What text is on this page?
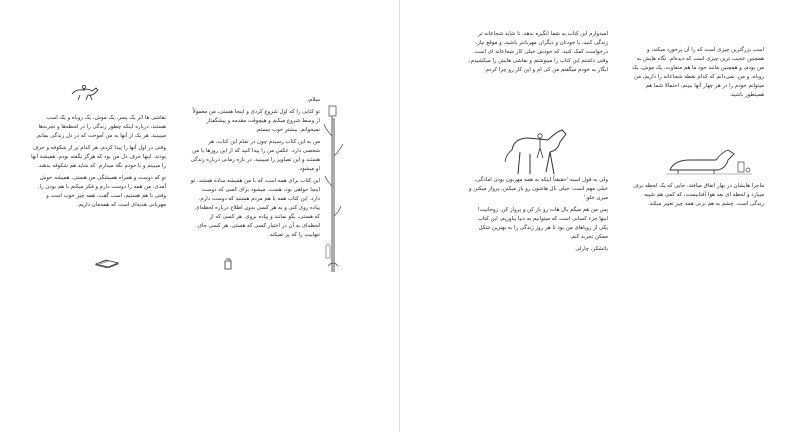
نقاشی ها اثر یک پسر، یک موش، یک روباه و یک اسب هستند، درباره اینکه چطور زندگی را در لحظه‌ها و تجربه‌ها میبینند. هر یک از آنها به من آموخت که در دل زندگی بمانم.

وقتی در اول آنها را پیدا کردم، هر کدام پر از شکوفه و حرف بودند. اینها حرف دل من بود که هرگز نگفته بودم. همیشه آنها را میبینم و با خودم نگه میدارم. که شاید هم شکوفه بدهند.

تو که دوست و همراه همیشگی من هستی، همیشه خوش آمدی. من همه را دوست دارم و فکر میکنم با هم بودن را. وقتی با هم هستیم، اسب گفت، همه چیز خوب است و مهربانی هدیه‌ای است که همه‌مان داریم.

سلام،

تو کتابی را که اول شروع کردی و اینجا هستی، من معمولاً از وسط شروع میکنم و هیچوقت مقدمه و پیشگفتار نمیخوانم. بیشتر خوب نیستم.

من به این کتاب رسیدم چون در تمام این کتاب، هر شخصی دارد. عکس من را پیدا کنید که از این روزها با من هستند و این تصاویر را میبینید. در بازه زمانی درباره زندگی او میشود.

این کتاب برای همه است که با من همیشه ساده هستند. تو اینجا خواهی بود، هست. میشود برای کسی که دوست دارد. این کتاب همه با هم مردم هستند که دوست دارم. پیاده روی کنی و به هر کسی بدون اطلاع درباره لحظه‌ای که هستی، بگو بمانند و پیاده بروی. هر کسی که از لحظه‌ای به آن در اختیار کسی که هستی، هر کسی جای تنهاییت را که پر نمیکند.

امیدوارم این کتاب به شما انگیزه بدهد، تا شاید شجاعانه تر زندگی کنید، با خودتان و دیگران مهربانتر باشید، و موقع نیاز، درخواست کمک کنید. که خودش خیلی کار شجاعانه ای است. وقتی داشتم این کتاب را مینوشتم و نقاشی هایش را میکشیدم، انگار به خودم میگفتم من کی ام و این کار رو چرا کردم.

ولی به قول اسبه 'حقیقتاً اینکه به همه مهربون بودن امادگی، خیلی مهم است. خیلی بال هاشون رو باز میکنن، پرواز میکنن و میرن جلو.'

پس من هم میگم بال هات رو باز کن و پرواز کن. روحانیت! اینها جزء کسانی است که میتوانیم به دنیا بیاوریم، این کتاب یکی از رویاهای من بود تا هر روز زندگی را به بهترین شکل ممکن تجربه کنم.

باتشکر، چارلی

اسب بزرگترین چیزی است که را آن پرخورد میکند، و همچنین عجیب ترین چیزی است که دیده‌ام. نگاه هایش به من بودم، و همچنین مانند خود ما هم متفاوت. یک موش، یک روباه، و من. نمی‌دانم که کدام نقطه شجاعانه را داریم، من میتوانم خودم را در هر چهار آنها ببینم، احتمالا شما هم همینطور باشید.

ماجرا هایشان در بهار اتفاق میافتد، جایی که یک لحظه برف میبارد و لحظه ای بعد هوا آفتابیست، که کمی هم شبیه زندگی است. چشم به هم بزنی همه چیز تغییر میکند.
